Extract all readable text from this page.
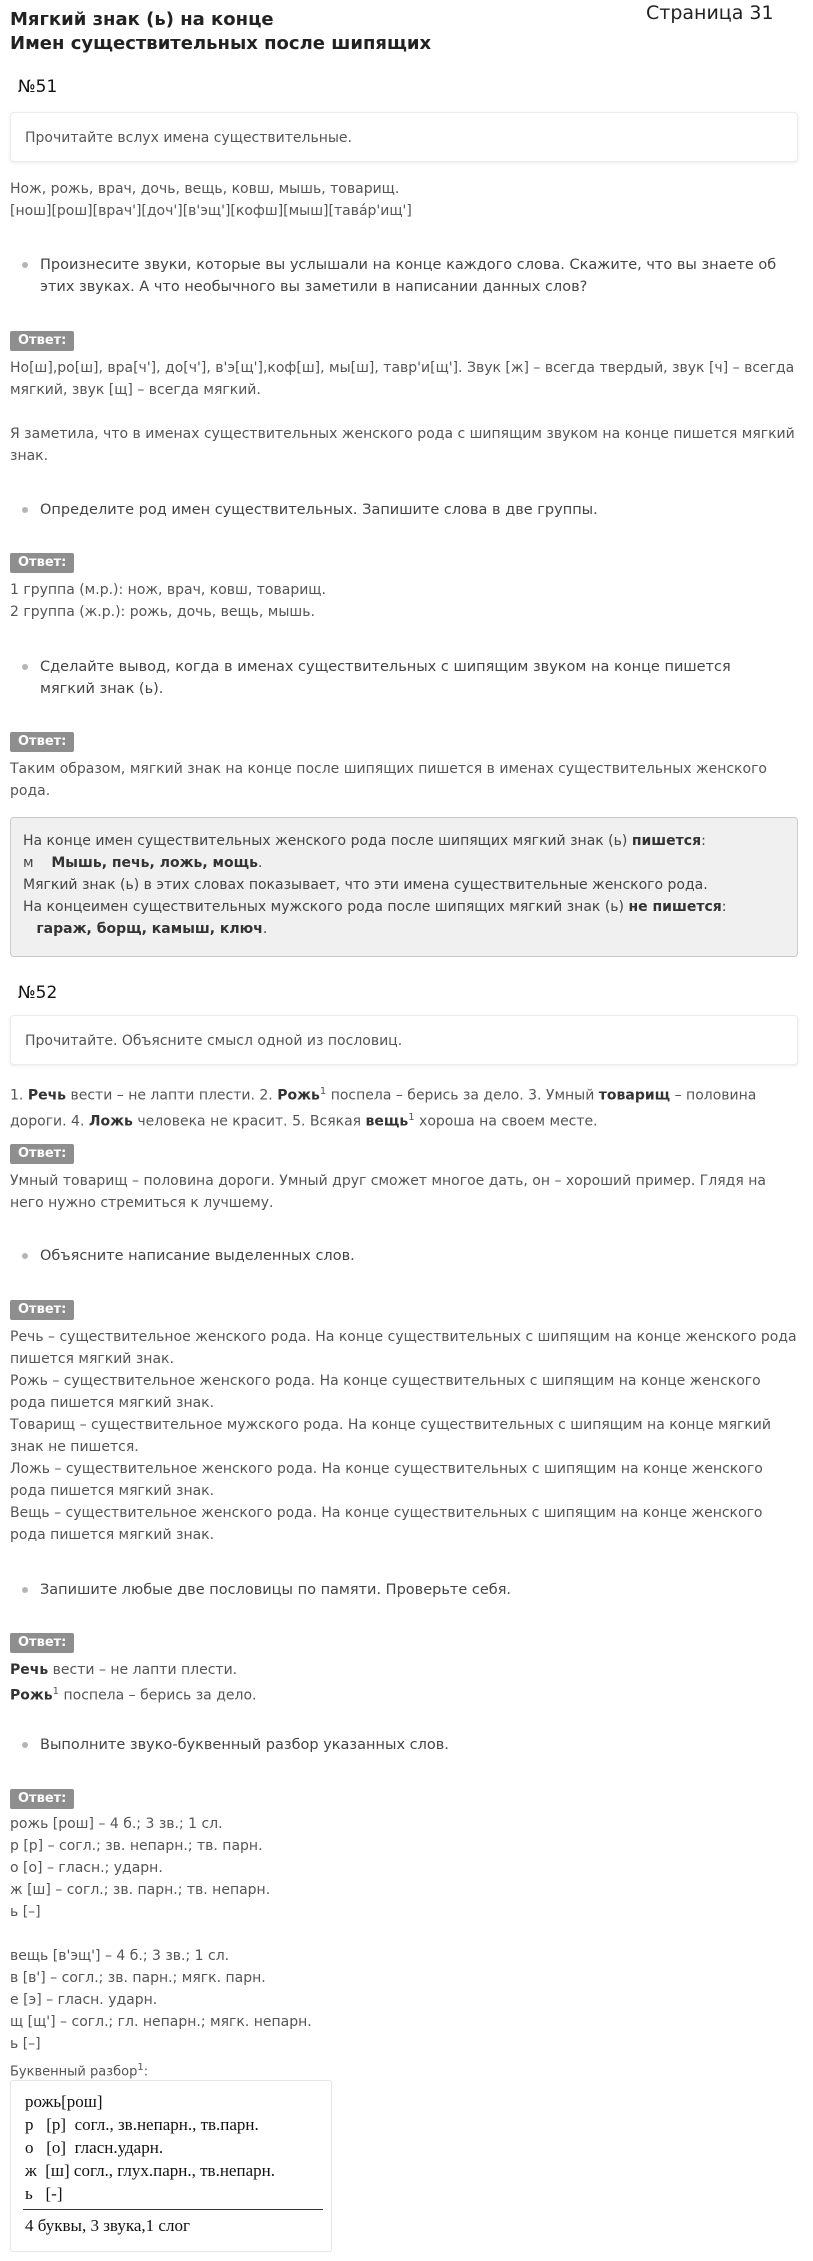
Мягкий знак (ь) на конце
Имен существительных после шипящих
Страница 31
№51
Прочитайте вслух имена существительные.

Нож, рожь, врач, дочь, вещь, ковш, мышь, товарищ.

[нош][рош][врач'][доч'][в'эщ'][кофш][мыш][тава́р'ищ']

Произнесите звуки, которые вы услышали на конце каждого слова. Скажите, что вы знаете об этих звуках. А что необычного вы заметили в написании данных слов?
Ответ:

Но[ш],ро[ш], вра[ч'], до[ч'], в'э[щ'],коф[ш], мы[ш], тавр'и[щ']. Звук [ж] – всегда твердый, звук [ч] – всегда мягкий, звук [щ] – всегда мягкий.

Я заметила, что в именах существительных женского рода с шипящим звуком на конце пишется мягкий знак.

Определите род имен существительных. Запишите слова в две группы.
Ответ:

1 группа (м.р.): нож, врач, ковш, товарищ.

2 группа (ж.р.): рожь, дочь, вещь, мышь.

Сделайте вывод, когда в именах существительных с шипящим звуком на конце пишется мягкий знак (ь).
Ответ:
Таким образом, мягкий знак на конце после шипящих пишется в именах существительных женского рода.

На конце имен существительных женского рода после шипящих мягкий знак (ь) пишется:

м Мышь, печь, ложь, мощь.

Мягкий знак (ь) в этих словах показывает, что эти имена существительные женского рода.

На концеимен существительных мужского рода после шипящих мягкий знак (ь) не пишется:

гараж, борщ, камыш, ключ.

№52
Прочитайте. Объясните смысл одной из пословиц.

1. Речь вести – не лапти плести. 2. Рожь$^1$ поспела – берись за дело. 3. Умный товарищ – половина дороги. 4. Ложь человека не красит. 5. Всякая вещь$^1$ хороша на своем месте.

Ответ:
Умный товарищ – половина дороги. Умный друг сможет многое дать, он – хороший пример. Глядя на него нужно стремиться к лучшему.
Объясните написание выделенных слов.
Ответ:

Речь – существительное женского рода. На конце существительных с шипящим на конце женского рода пишется мягкий знак.

Рожь – существительное женского рода. На конце существительных с шипящим на конце женского рода пишется мягкий знак.

Товарищ – существительное мужского рода. На конце существительных с шипящим на конце мягкий знак не пишется.

Ложь – существительное женского рода. На конце существительных с шипящим на конце женского рода пишется мягкий знак.

Вещь – существительное женского рода. На конце существительных с шипящим на конце женского рода пишется мягкий знак.

Запишите любые две пословицы по памяти. Проверьте себя.
Ответ:

Речь вести – не лапти плести.

Рожь$^1$ поспела – берись за дело.

Выполните звуко-буквенный разбор указанных слов.
Ответ:

рожь [рош] – 4 б.; 3 зв.; 1 сл.

р [р] – согл.; зв. непарн.; тв. парн.

о [о] – гласн.; ударн.

ж [ш] – согл.; зв. парн.; тв. непарн.

ь [–]

вещь [в'эщ'] – 4 б.; 3 зв.; 1 сл.

в [в'] – согл.; зв. парн.; мягк. парн.

е [э] – гласн. ударн.

щ [щ'] – согл.; гл. непарн.; мягк. непарн.

ь [–]

Буквенный разбор$^1$:
рожь[рош]
р   [р]  согл., зв.непарн., тв.парн.
о   [о]  гласн.ударн.
ж  [ш] согл., глух.парн., тв.непарн.
ь   [-]
4 буквы, 3 звука,1 слог
